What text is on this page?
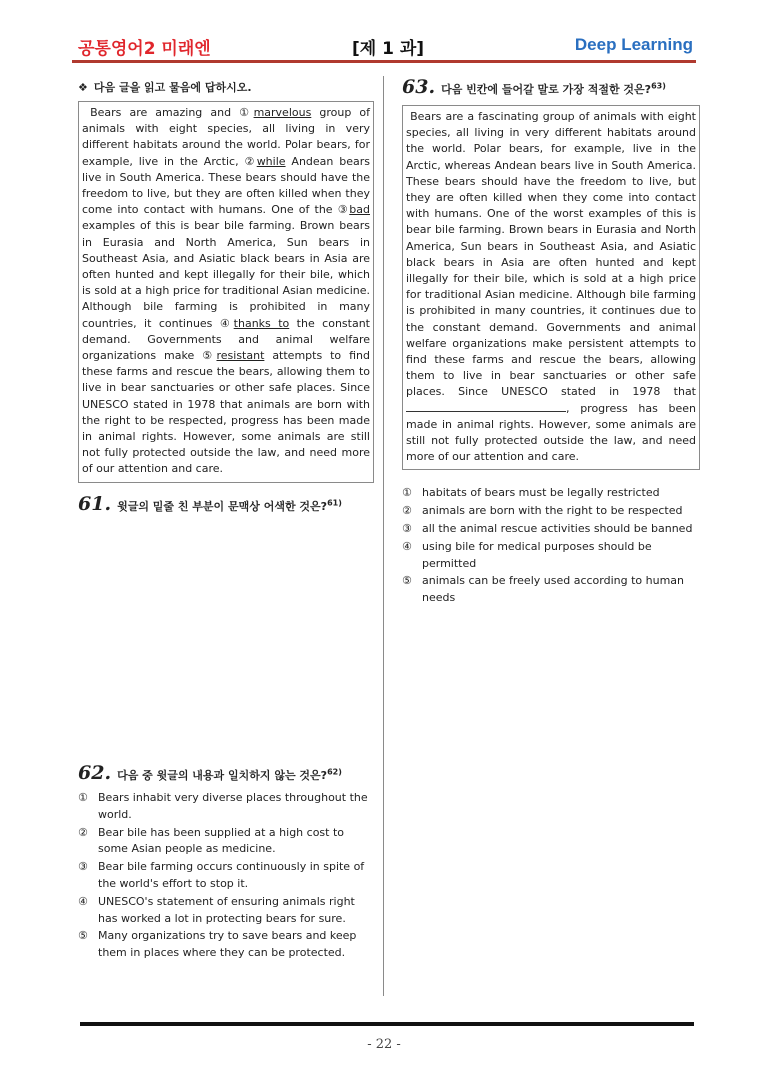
공통영어2 미래엔	[제 1 과]	Deep Learning
❖ 다음 글을 읽고 물음에 답하시오.
Bears are amazing and ①marvelous group of animals with eight species, all living in very different habitats around the world. Polar bears, for example, live in the Arctic, ②while Andean bears live in South America. These bears should have the freedom to live, but they are often killed when they come into contact with humans. One of the ③bad examples of this is bear bile farming. Brown bears in Eurasia and North America, Sun bears in Southeast Asia, and Asiatic black bears in Asia are often hunted and kept illegally for their bile, which is sold at a high price for traditional Asian medicine. Although bile farming is prohibited in many countries, it continues ④thanks to the constant demand. Governments and animal welfare organizations make ⑤resistant attempts to find these farms and rescue the bears, allowing them to live in bear sanctuaries or other safe places. Since UNESCO stated in 1978 that animals are born with the right to be respected, progress has been made in animal rights. However, some animals are still not fully protected outside the law, and need more of our attention and care.
61. 윗글의 밑줄 친 부분이 문맥상 어색한 것은?$^{61)}$
62. 다음 중 윗글의 내용과 일치하지 않는 것은?$^{62)}$
① Bears inhabit very diverse places throughout the world.
② Bear bile has been supplied at a high cost to some Asian people as medicine.
③ Bear bile farming occurs continuously in spite of the world's effort to stop it.
④ UNESCO's statement of ensuring animals right has worked a lot in protecting bears for sure.
⑤ Many organizations try to save bears and keep them in places where they can be protected.
63. 다음 빈칸에 들어갈 말로 가장 적절한 것은?$^{63)}$
Bears are a fascinating group of animals with eight species, all living in very different habitats around the world. Polar bears, for example, live in the Arctic, whereas Andean bears live in South America. These bears should have the freedom to live, but they are often killed when they come into contact with humans. One of the worst examples of this is bear bile farming. Brown bears in Eurasia and North America, Sun bears in Southeast Asia, and Asiatic black bears in Asia are often hunted and kept illegally for their bile, which is sold at a high price for traditional Asian medicine. Although bile farming is prohibited in many countries, it continues due to the constant demand. Governments and animal welfare organizations make persistent attempts to find these farms and rescue the bears, allowing them to live in bear sanctuaries or other safe places. Since UNESCO stated in 1978 that , progress has been made in animal rights. However, some animals are still not fully protected outside the law, and need more of our attention and care.
① habitats of bears must be legally restricted
② animals are born with the right to be respected
③ all the animal rescue activities should be banned
④ using bile for medical purposes should be permitted
⑤ animals can be freely used according to human needs
- 22 -
